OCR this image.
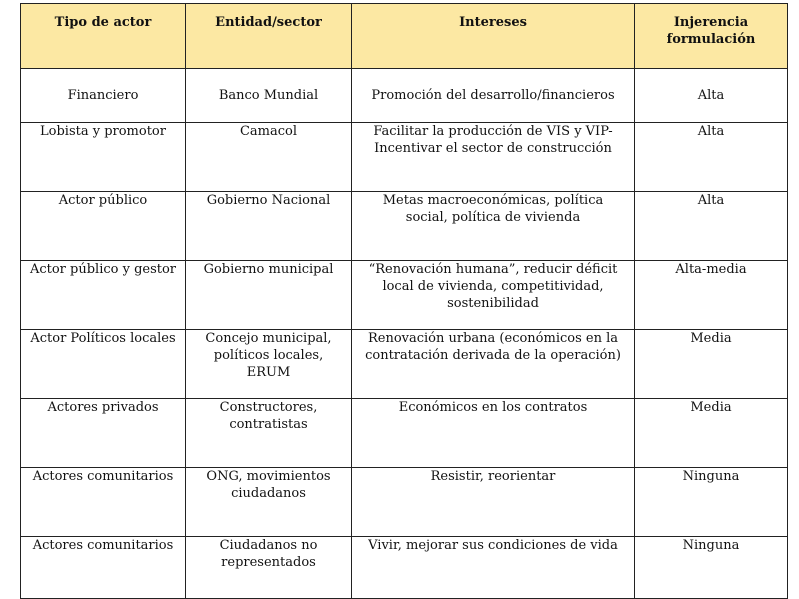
Tipo de actor	Entidad/sector	Intereses	Injerencia formulación
Financiero	Banco Mundial	Promoción del desarrollo/financieros	Alta
Lobista y promotor	Camacol	Facilitar la producción de VIS y VIP- Incentivar el sector de construcción	Alta
Actor público	Gobierno Nacional	Metas macroeconómicas, política social, política de vivienda	Alta
Actor público y gestor	Gobierno municipal	“Renovación humana”, reducir déficit local de vivienda, competitividad, sostenibilidad	Alta-media
Actor Políticos locales	Concejo municipal, políticos locales, ERUM	Renovación urbana (económicos en la contratación derivada de la operación)	Media
Actores privados	Constructores, contratistas	Económicos en los contratos	Media
Actores comunitarios	ONG, movimientos ciudadanos	Resistir, reorientar	Ninguna
Actores comunitarios	Ciudadanos no representados	Vivir, mejorar sus condiciones de vida	Ninguna
